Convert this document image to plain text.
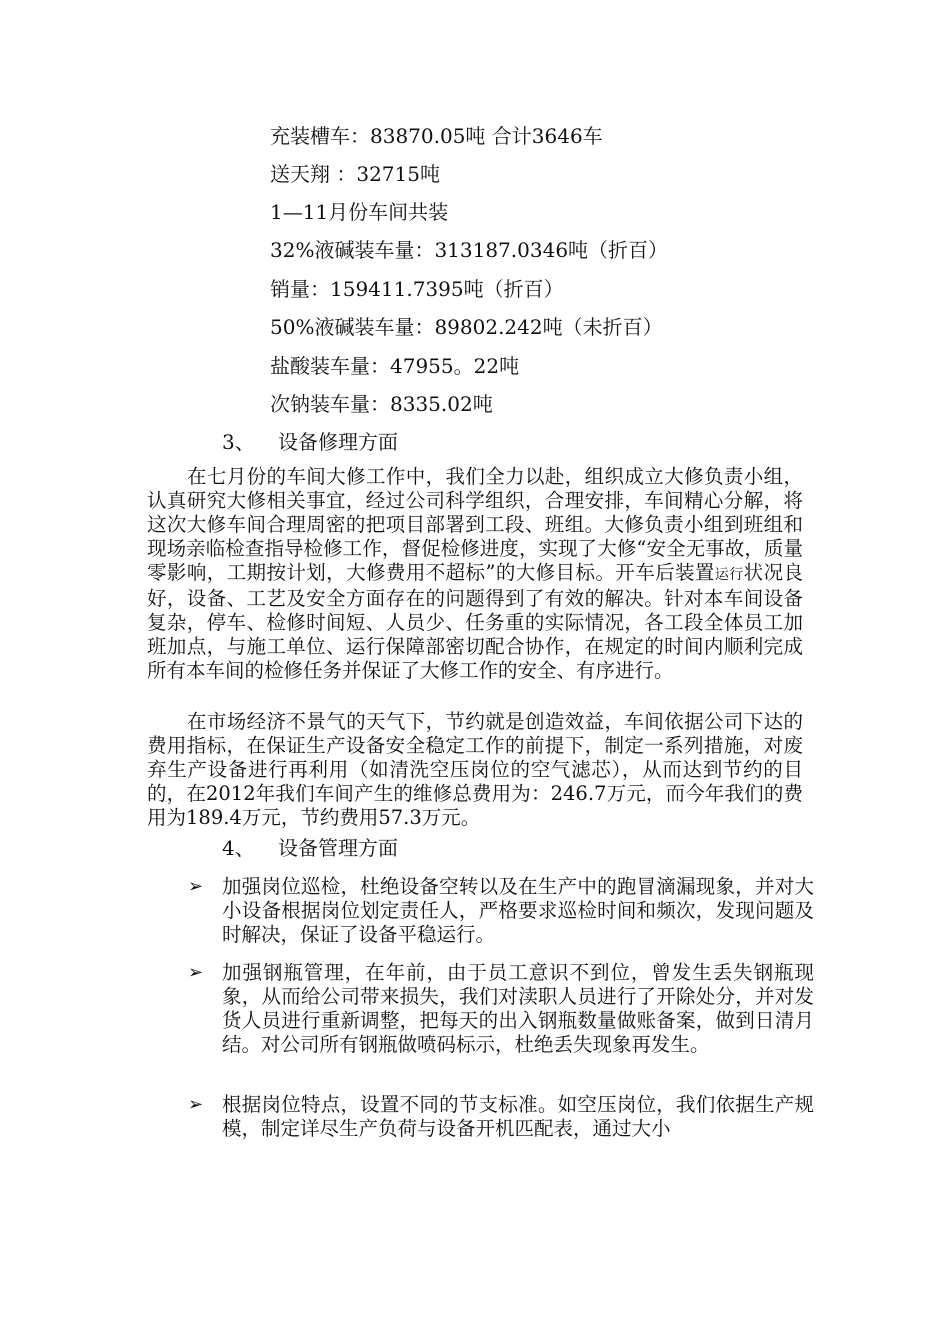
充装槽车：83870.05吨 合计3646车
送天翔 ：32715吨
1—11月份车间共装
32%液碱装车量：313187.0346吨（折百）
销量：159411.7395吨（折百）
50%液碱装车量：89802.242吨（未折百）
盐酸装车量：47955。22吨
次钠装车量：8335.02吨
3、 设备修理方面
在七月份的车间大修工作中，我们全力以赴，组织成立大修负责小组，认真研究大修相关事宜，经过公司科学组织，合理安排，车间精心分解，将这次大修车间合理周密的把项目部署到工段、班组。大修负责小组到班组和现场亲临检查指导检修工作，督促检修进度，实现了大修“安全无事故，质量零影响，工期按计划，大修费用不超标”的大修目标。开车后装置运行状况良好，设备、工艺及安全方面存在的问题得到了有效的解决。针对本车间设备复杂，停车、检修时间短、人员少、任务重的实际情况，各工段全体员工加班加点，与施工单位、运行保障部密切配合协作，在规定的时间内顺利完成所有本车间的检修任务并保证了大修工作的安全、有序进行。
在市场经济不景气的天气下，节约就是创造效益，车间依据公司下达的费用指标，在保证生产设备安全稳定工作的前提下，制定一系列措施，对废弃生产设备进行再利用（如清洗空压岗位的空气滤芯），从而达到节约的目的，在2012年我们车间产生的维修总费用为：246.7万元，而今年我们的费用为189.4万元，节约费用57.3万元。
4、 设备管理方面
➢ 加强岗位巡检，杜绝设备空转以及在生产中的跑冒滴漏现象，并对大小设备根据岗位划定责任人，严格要求巡检时间和频次，发现问题及时解决，保证了设备平稳运行。
➢ 加强钢瓶管理，在年前，由于员工意识不到位，曾发生丢失钢瓶现象，从而给公司带来损失，我们对渎职人员进行了开除处分，并对发货人员进行重新调整，把每天的出入钢瓶数量做账备案，做到日清月结。对公司所有钢瓶做喷码标示，杜绝丢失现象再发生。
➢ 根据岗位特点，设置不同的节支标准。如空压岗位，我们依据生产规模，制定详尽生产负荷与设备开机匹配表，通过大小
